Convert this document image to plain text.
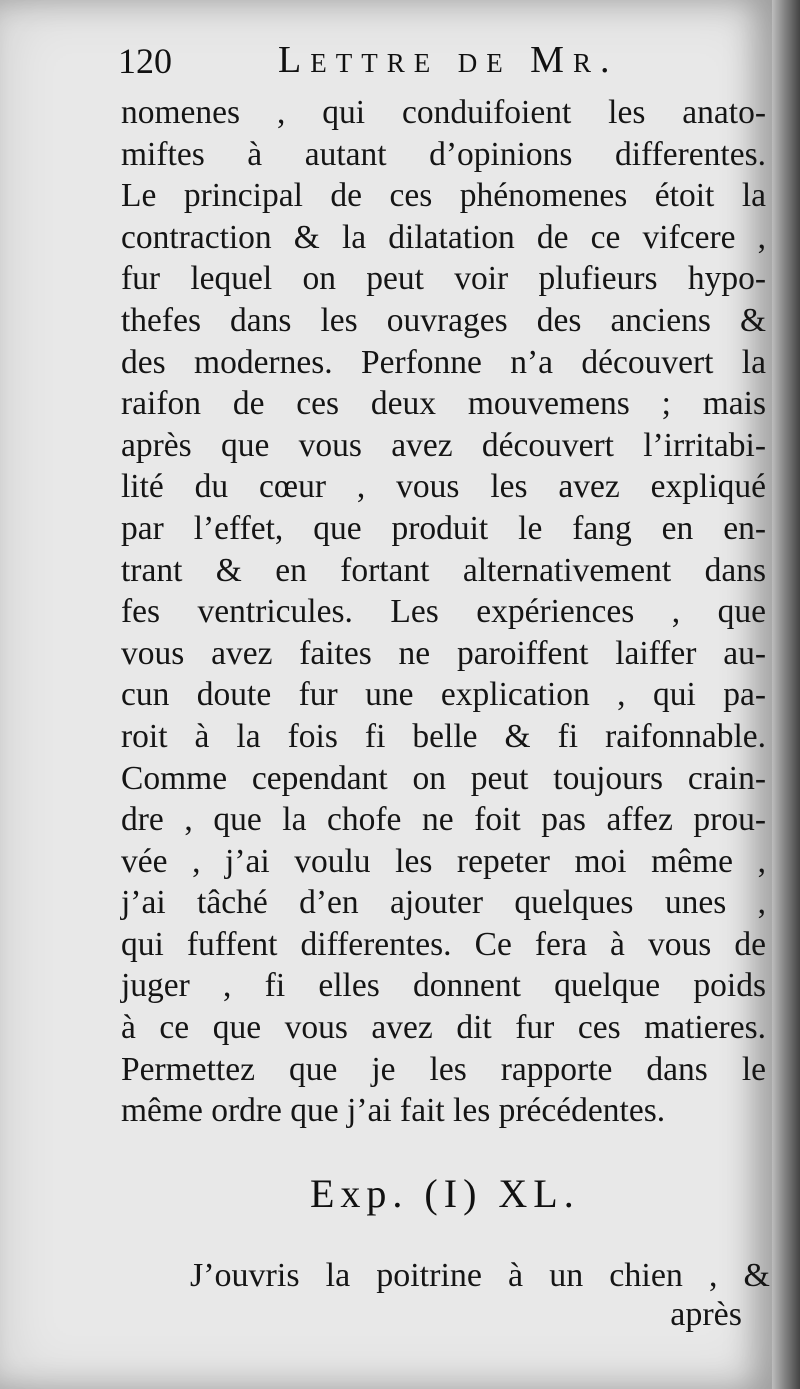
120	Lettre de Mr.
nomenes , qui conduifoient les anato-
miftes à autant d’opinions differentes.
Le principal de ces phénomenes étoit la
contraction & la dilatation de ce vifcere ,
fur lequel on peut voir plufieurs hypo-
thefes dans les ouvrages des anciens &
des modernes. Perfonne n’a découvert la
raifon de ces deux mouvemens ; mais
après que vous avez découvert l’irritabi-
lité du cœur , vous les avez expliqué
par l’effet, que produit le fang en en-
trant & en fortant alternativement dans
fes ventricules. Les expériences , que
vous avez faites ne paroiffent laiffer au-
cun doute fur une explication , qui pa-
roit à la fois fi belle & fi raifonnable.
Comme cependant on peut toujours crain-
dre , que la chofe ne foit pas affez prou-
vée , j’ai voulu les repeter moi même ,
j’ai tâché d’en ajouter quelques unes ,
qui fuffent differentes. Ce fera à vous de
juger , fi elles donnent quelque poids
à ce que vous avez dit fur ces matieres.
Permettez que je les rapporte dans le
même ordre que j’ai fait les précédentes.
Exp. (I) XL.
J’ouvris la poitrine à un chien , &
après
